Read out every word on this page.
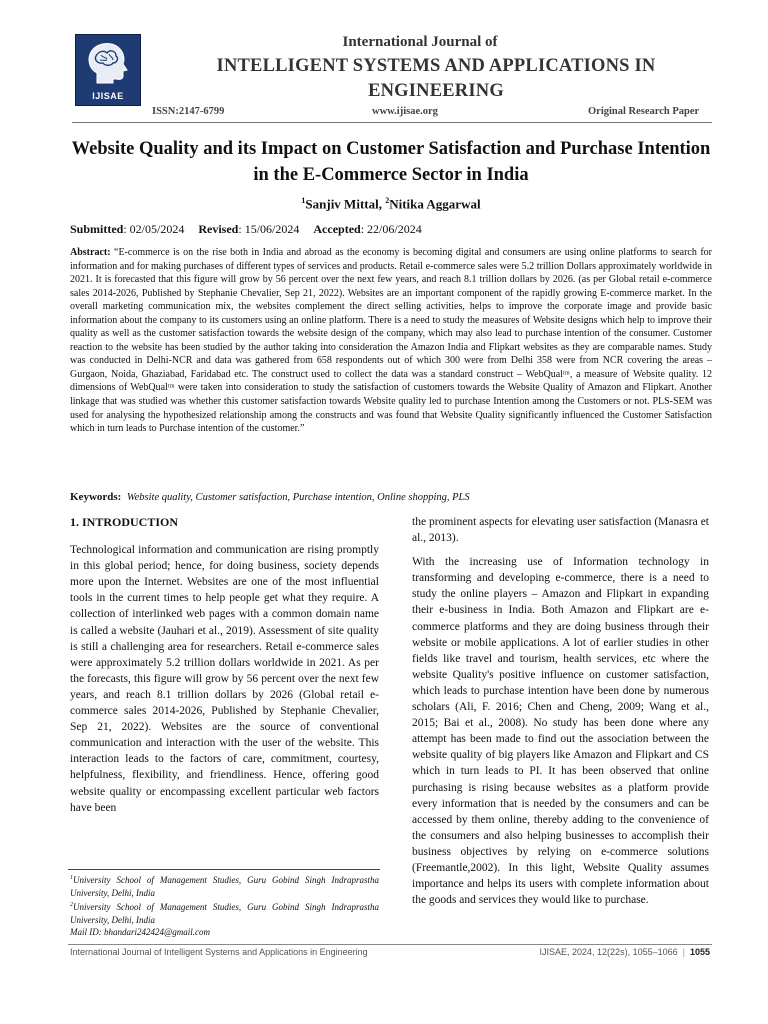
IJISAE
International Journal of
INTELLIGENT SYSTEMS AND APPLICATIONS IN ENGINEERING
ISSN:2147-6799	www.ijisae.org	Original Research Paper
Website Quality and its Impact on Customer Satisfaction and Purchase Intention in the E-Commerce Sector in India
$^1$Sanjiv Mittal, $^2$Nitika Aggarwal
Submitted: 02/05/2024 Revised: 15/06/2024 Accepted: 22/06/2024
Abstract: “E-commerce is on the rise both in India and abroad as the economy is becoming digital and consumers are using online platforms to search for information and for making purchases of different types of services and products. Retail e-commerce sales were 5.2 trillion Dollars approximately worldwide in 2021. It is forecasted that this figure will grow by 56 percent over the next few years, and reach 8.1 trillion dollars by 2026. (as per Global retail e-commerce sales 2014-2026, Published by Stephanie Chevalier, Sep 21, 2022). Websites are an important component of the rapidly growing E-commerce market. In the overall marketing communication mix, the websites complement the direct selling activities, helps to improve the corporate image and provide basic information about the company to its customers using an online platform. There is a need to study the measures of Website designs which help to improve their quality as well as the customer satisfaction towards the website design of the company, which may also lead to purchase intention of the consumer. Customer reaction to the website has been studied by the author taking into consideration the Amazon India and Flipkart websites as they are comparable names. Study was conducted in Delhi-NCR and data was gathered from 658 respondents out of which 300 were from Delhi 358 were from NCR covering the areas – Gurgaon, Noida, Ghaziabad, Faridabad etc. The construct used to collect the data was a standard construct – WebQualᵗᵐ, a measure of Website quality. 12 dimensions of WebQualᵗᵐ were taken into consideration to study the satisfaction of customers towards the Website Quality of Amazon and Flipkart. Another linkage that was studied was whether this customer satisfaction towards Website quality led to purchase Intention among the Customers or not. PLS-SEM was used for analysing the hypothesized relationship among the constructs and was found that Website Quality significantly influenced the Customer Satisfaction which in turn leads to Purchase intention of the customer.”
Keywords: Website quality, Customer satisfaction, Purchase intention, Online shopping, PLS
1. INTRODUCTION

Technological information and communication are rising promptly in this global period; hence, for doing business, society depends more upon the Internet. Websites are one of the most influential tools in the current times to help people get what they require. A collection of interlinked web pages with a common domain name is called a website (Jauhari et al., 2019). Assessment of site quality is still a challenging area for researchers. Retail e-commerce sales were approximately 5.2 trillion dollars worldwide in 2021. As per the forecasts, this figure will grow by 56 percent over the next few years, and reach 8.1 trillion dollars by 2026 (Global retail e-commerce sales 2014-2026, Published by Stephanie Chevalier, Sep 21, 2022). Websites are the source of conventional communication and interaction with the user of the website. This interaction leads to the factors of care, commitment, courtesy, helpfulness, flexibility, and friendliness. Hence, offering good website quality or encompassing excellent particular web factors have been

the prominent aspects for elevating user satisfaction (Manasra et al., 2013).

With the increasing use of Information technology in transforming and developing e-commerce, there is a need to study the online players – Amazon and Flipkart in expanding their e-business in India. Both Amazon and Flipkart are e-commerce platforms and they are doing business through their website or mobile applications. A lot of earlier studies in other fields like travel and tourism, health services, etc where the website Quality's positive influence on customer satisfaction, which leads to purchase intention have been done by numerous scholars (Ali, F. 2016; Chen and Cheng, 2009; Wang et al., 2015; Bai et al., 2008). No study has been done where any attempt has been made to find out the association between the website quality of big players like Amazon and Flipkart and CS which in turn leads to PI. It has been observed that online purchasing is rising because websites as a platform provide every information that is needed by the consumers and can be accessed by them online, thereby adding to the convenience of the consumers and also helping businesses to accomplish their business objectives by relying on e-commerce solutions (Freemantle,2002). In this light, Website Quality assumes importance and helps its users with complete information about the goods and services they would like to purchase.

$^1$University School of Management Studies, Guru Gobind Singh Indraprastha University, Delhi, India
$^2$University School of Management Studies, Guru Gobind Singh Indraprastha University, Delhi, India
Mail ID: bhandari242424@gmail.com
International Journal of Intelligent Systems and Applications in Engineering	IJISAE, 2024, 12(22s), 1055–1066 | 1055
